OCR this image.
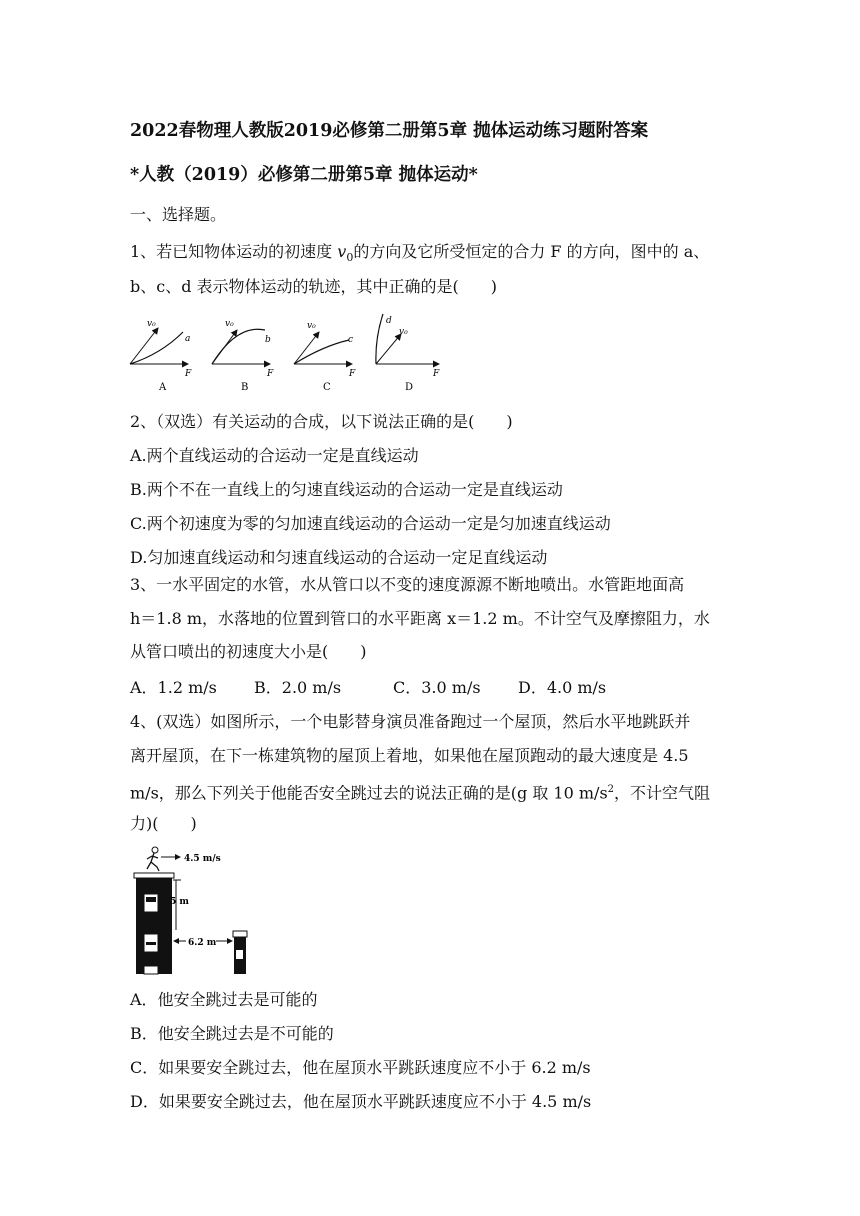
2022春物理人教版2019必修第二册第5章 抛体运动练习题附答案
*人教（2019）必修第二册第5章 抛体运动*
一、选择题。
1、若已知物体运动的初速度 $v_0$的方向及它所受恒定的合力 F 的方向，图中的 a、
b、c、d 表示物体运动的轨迹，其中正确的是(　　)
v₀
a
F
A
v₀
b
F
B
v₀
c
F
C
d
v₀
F
D
2、（双选）有关运动的合成，以下说法正确的是(　　)
A.两个直线运动的合运动一定是直线运动
B.两个不在一直线上的匀速直线运动的合运动一定是直线运动
C.两个初速度为零的匀加速直线运动的合运动一定是匀加速直线运动
D.匀加速直线运动和匀速直线运动的合运动一定足直线运动
3、一水平固定的水管，水从管口以不变的速度源源不断地喷出。水管距地面高
h＝1.8 m，水落地的位置到管口的水平距离 x＝1.2 m。不计空气及摩擦阻力，水
从管口喷出的初速度大小是(　　)
A．1.2 m/s B．2.0 m/s	C．3.0 m/s D．4.0 m/s
4、(双选）如图所示，一个电影替身演员准备跑过一个屋顶，然后水平地跳跃并
离开屋顶，在下一栋建筑物的屋顶上着地，如果他在屋顶跑动的最大速度是 4.5
m/s，那么下列关于他能否安全跳过去的说法正确的是(g 取 10 $m/s^2$，不计空气阻
力)(　　)
4.5 m/s
5 m
6.2 m
A．他安全跳过去是可能的
B．他安全跳过去是不可能的
C．如果要安全跳过去，他在屋顶水平跳跃速度应不小于 6.2 m/s
D．如果要安全跳过去，他在屋顶水平跳跃速度应不小于 4.5 m/s
